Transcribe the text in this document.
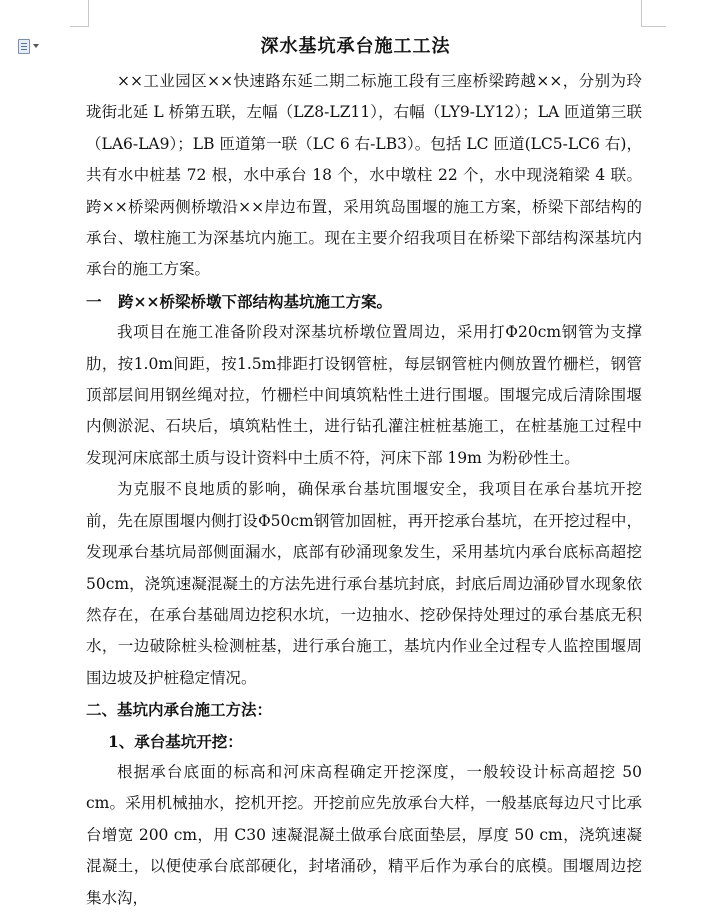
深水基坑承台施工工法

××工业园区××快速路东延二期二标施工段有三座桥梁跨越××，分别为玲珑街北延 L 桥第五联，左幅（LZ8-LZ11），右幅（LY9-LY12）；LA 匝道第三联（LA6-LA9）；LB 匝道第一联（LC 6 右-LB3）。包括 LC 匝道(LC5-LC6 右)，共有水中桩基 72 根，水中承台 18 个，水中墩柱 22 个，水中现浇箱梁 4 联。跨××桥梁两侧桥墩沿××岸边布置，采用筑岛围堰的施工方案，桥梁下部结构的承台、墩柱施工为深基坑内施工。现在主要介绍我项目在桥梁下部结构深基坑内承台的施工方案。

一 跨××桥梁桥墩下部结构基坑施工方案。

我项目在施工准备阶段对深基坑桥墩位置周边，采用打Φ20cm钢管为支撑肋，按1.0m间距，按1.5m排距打设钢管桩，每层钢管桩内侧放置竹栅栏，钢管顶部层间用钢丝绳对拉，竹栅栏中间填筑粘性土进行围堰。围堰完成后清除围堰内侧淤泥、石块后，填筑粘性土，进行钻孔灌注桩桩基施工，在桩基施工过程中发现河床底部土质与设计资料中土质不符，河床下部 19m 为粉砂性土。

为克服不良地质的影响，确保承台基坑围堰安全，我项目在承台基坑开挖前，先在原围堰内侧打设Φ50cm钢管加固桩，再开挖承台基坑，在开挖过程中，发现承台基坑局部侧面漏水，底部有砂涌现象发生，采用基坑内承台底标高超挖50cm，浇筑速凝混凝土的方法先进行承台基坑封底，封底后周边涌砂冒水现象依然存在，在承台基础周边挖积水坑，一边抽水、挖砂保持处理过的承台基底无积水，一边破除桩头检测桩基，进行承台施工，基坑内作业全过程专人监控围堰周围边坡及护桩稳定情况。

二、基坑内承台施工方法：

1、承台基坑开挖：

根据承台底面的标高和河床高程确定开挖深度，一般较设计标高超挖 50 cm。采用机械抽水，挖机开挖。开挖前应先放承台大样，一般基底每边尺寸比承台增宽 200 cm，用 C30 速凝混凝土做承台底面垫层，厚度 50 cm，浇筑速凝混凝土，以便使承台底部硬化，封堵涌砂，精平后作为承台的底模。围堰周边挖集水沟，
